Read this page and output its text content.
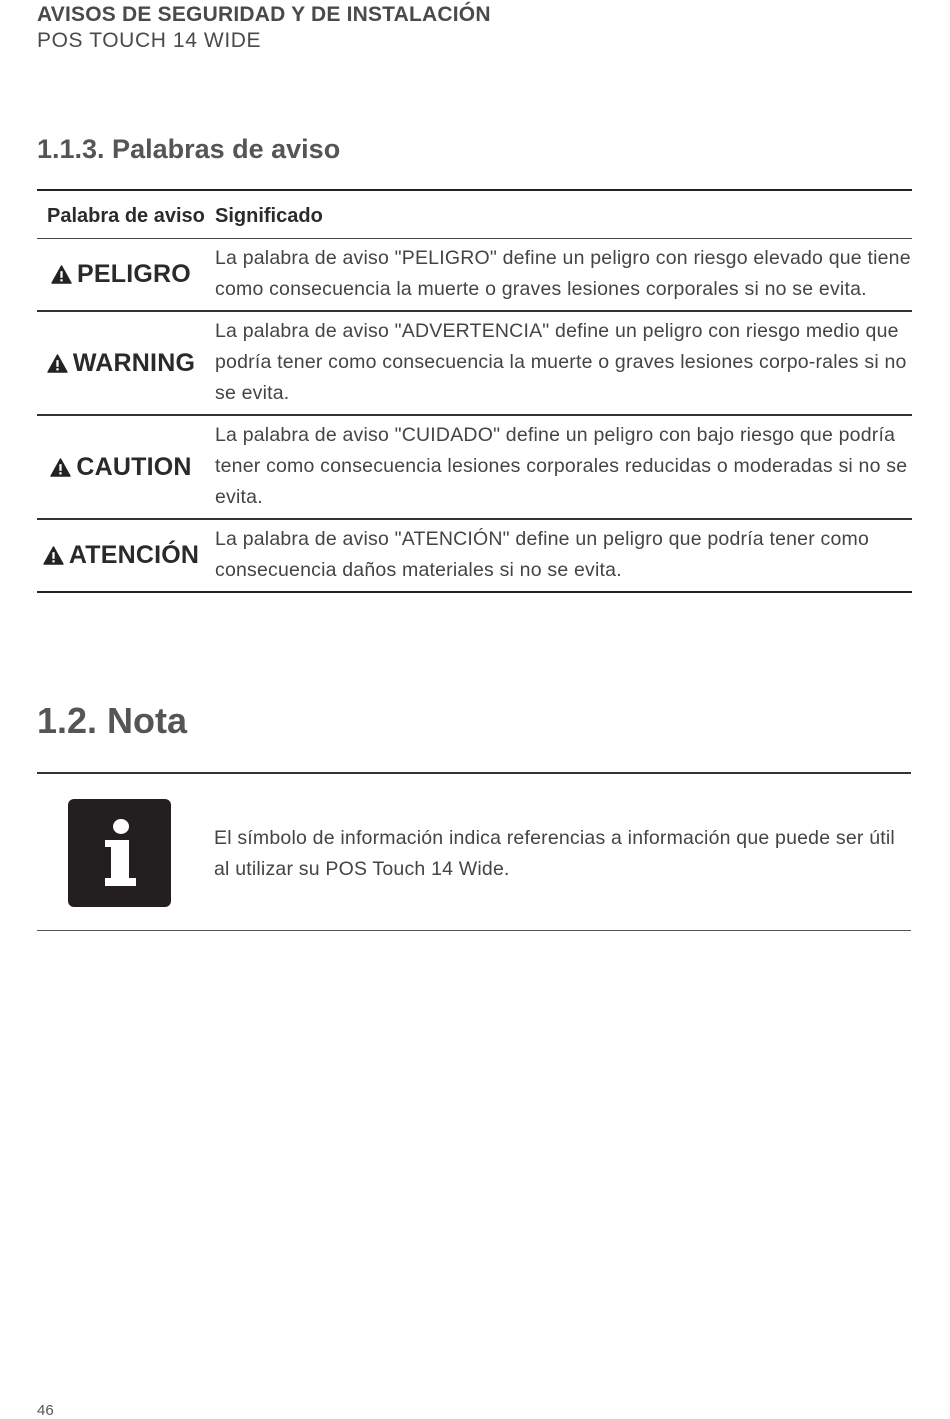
AVISOS DE SEGURIDAD Y DE INSTALACIÓN
POS TOUCH 14 WIDE
1.1.3. Palabras de aviso
Palabra de aviso	Significado

PELIGRO	La palabra de aviso "PELIGRO" define un peligro con riesgo elevado que tiene como consecuencia la muerte o graves lesiones corporales si no se evita.

WARNING	La palabra de aviso "ADVERTENCIA" define un peligro con riesgo medio que podría tener como consecuencia la muerte o graves lesiones corpo-rales si no se evita.

CAUTION	La palabra de aviso "CUIDADO" define un peligro con bajo riesgo que podría tener como consecuencia lesiones corporales reducidas o moderadas si no se evita.

ATENCIÓN	La palabra de aviso "ATENCIÓN" define un peligro que podría tener como consecuencia daños materiales si no se evita.
1.2. Nota
El símbolo de información indica referencias a información que puede ser útil al utilizar su POS Touch 14 Wide.
46
